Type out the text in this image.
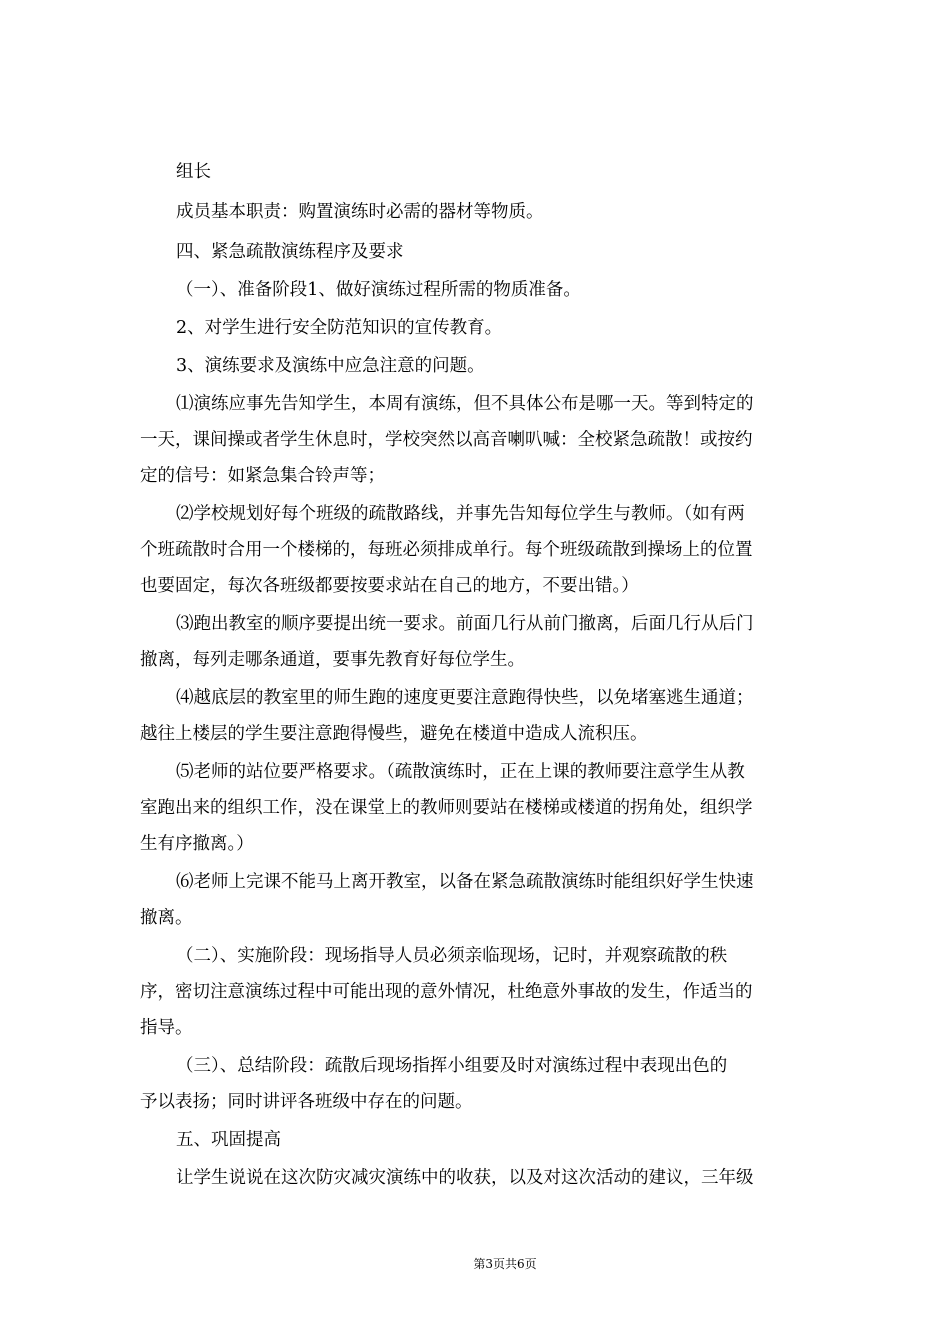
组长
成员基本职责：购置演练时必需的器材等物质。
四、紧急疏散演练程序及要求
（一）、准备阶段1、做好演练过程所需的物质准备。
2、对学生进行安全防范知识的宣传教育。
3、演练要求及演练中应急注意的问题。
⑴演练应事先告知学生，本周有演练，但不具体公布是哪一天。等到特定的
一天，课间操或者学生休息时，学校突然以高音喇叭喊：全校紧急疏散！或按约
定的信号：如紧急集合铃声等；
⑵学校规划好每个班级的疏散路线，并事先告知每位学生与教师。（如有两
个班疏散时合用一个楼梯的，每班必须排成单行。每个班级疏散到操场上的位置
也要固定，每次各班级都要按要求站在自己的地方，不要出错。）
⑶跑出教室的顺序要提出统一要求。前面几行从前门撤离，后面几行从后门
撤离，每列走哪条通道，要事先教育好每位学生。
⑷越底层的教室里的师生跑的速度更要注意跑得快些，以免堵塞逃生通道；
越往上楼层的学生要注意跑得慢些，避免在楼道中造成人流积压。
⑸老师的站位要严格要求。（疏散演练时，正在上课的教师要注意学生从教
室跑出来的组织工作，没在课堂上的教师则要站在楼梯或楼道的拐角处，组织学
生有序撤离。）
⑹老师上完课不能马上离开教室，以备在紧急疏散演练时能组织好学生快速
撤离。
（二）、实施阶段：现场指导人员必须亲临现场，记时，并观察疏散的秩
序，密切注意演练过程中可能出现的意外情况，杜绝意外事故的发生，作适当的
指导。
（三）、总结阶段：疏散后现场指挥小组要及时对演练过程中表现出色的
予以表扬；同时讲评各班级中存在的问题。
五、巩固提高
让学生说说在这次防灾减灾演练中的收获，以及对这次活动的建议，三年级
第3页共6页
